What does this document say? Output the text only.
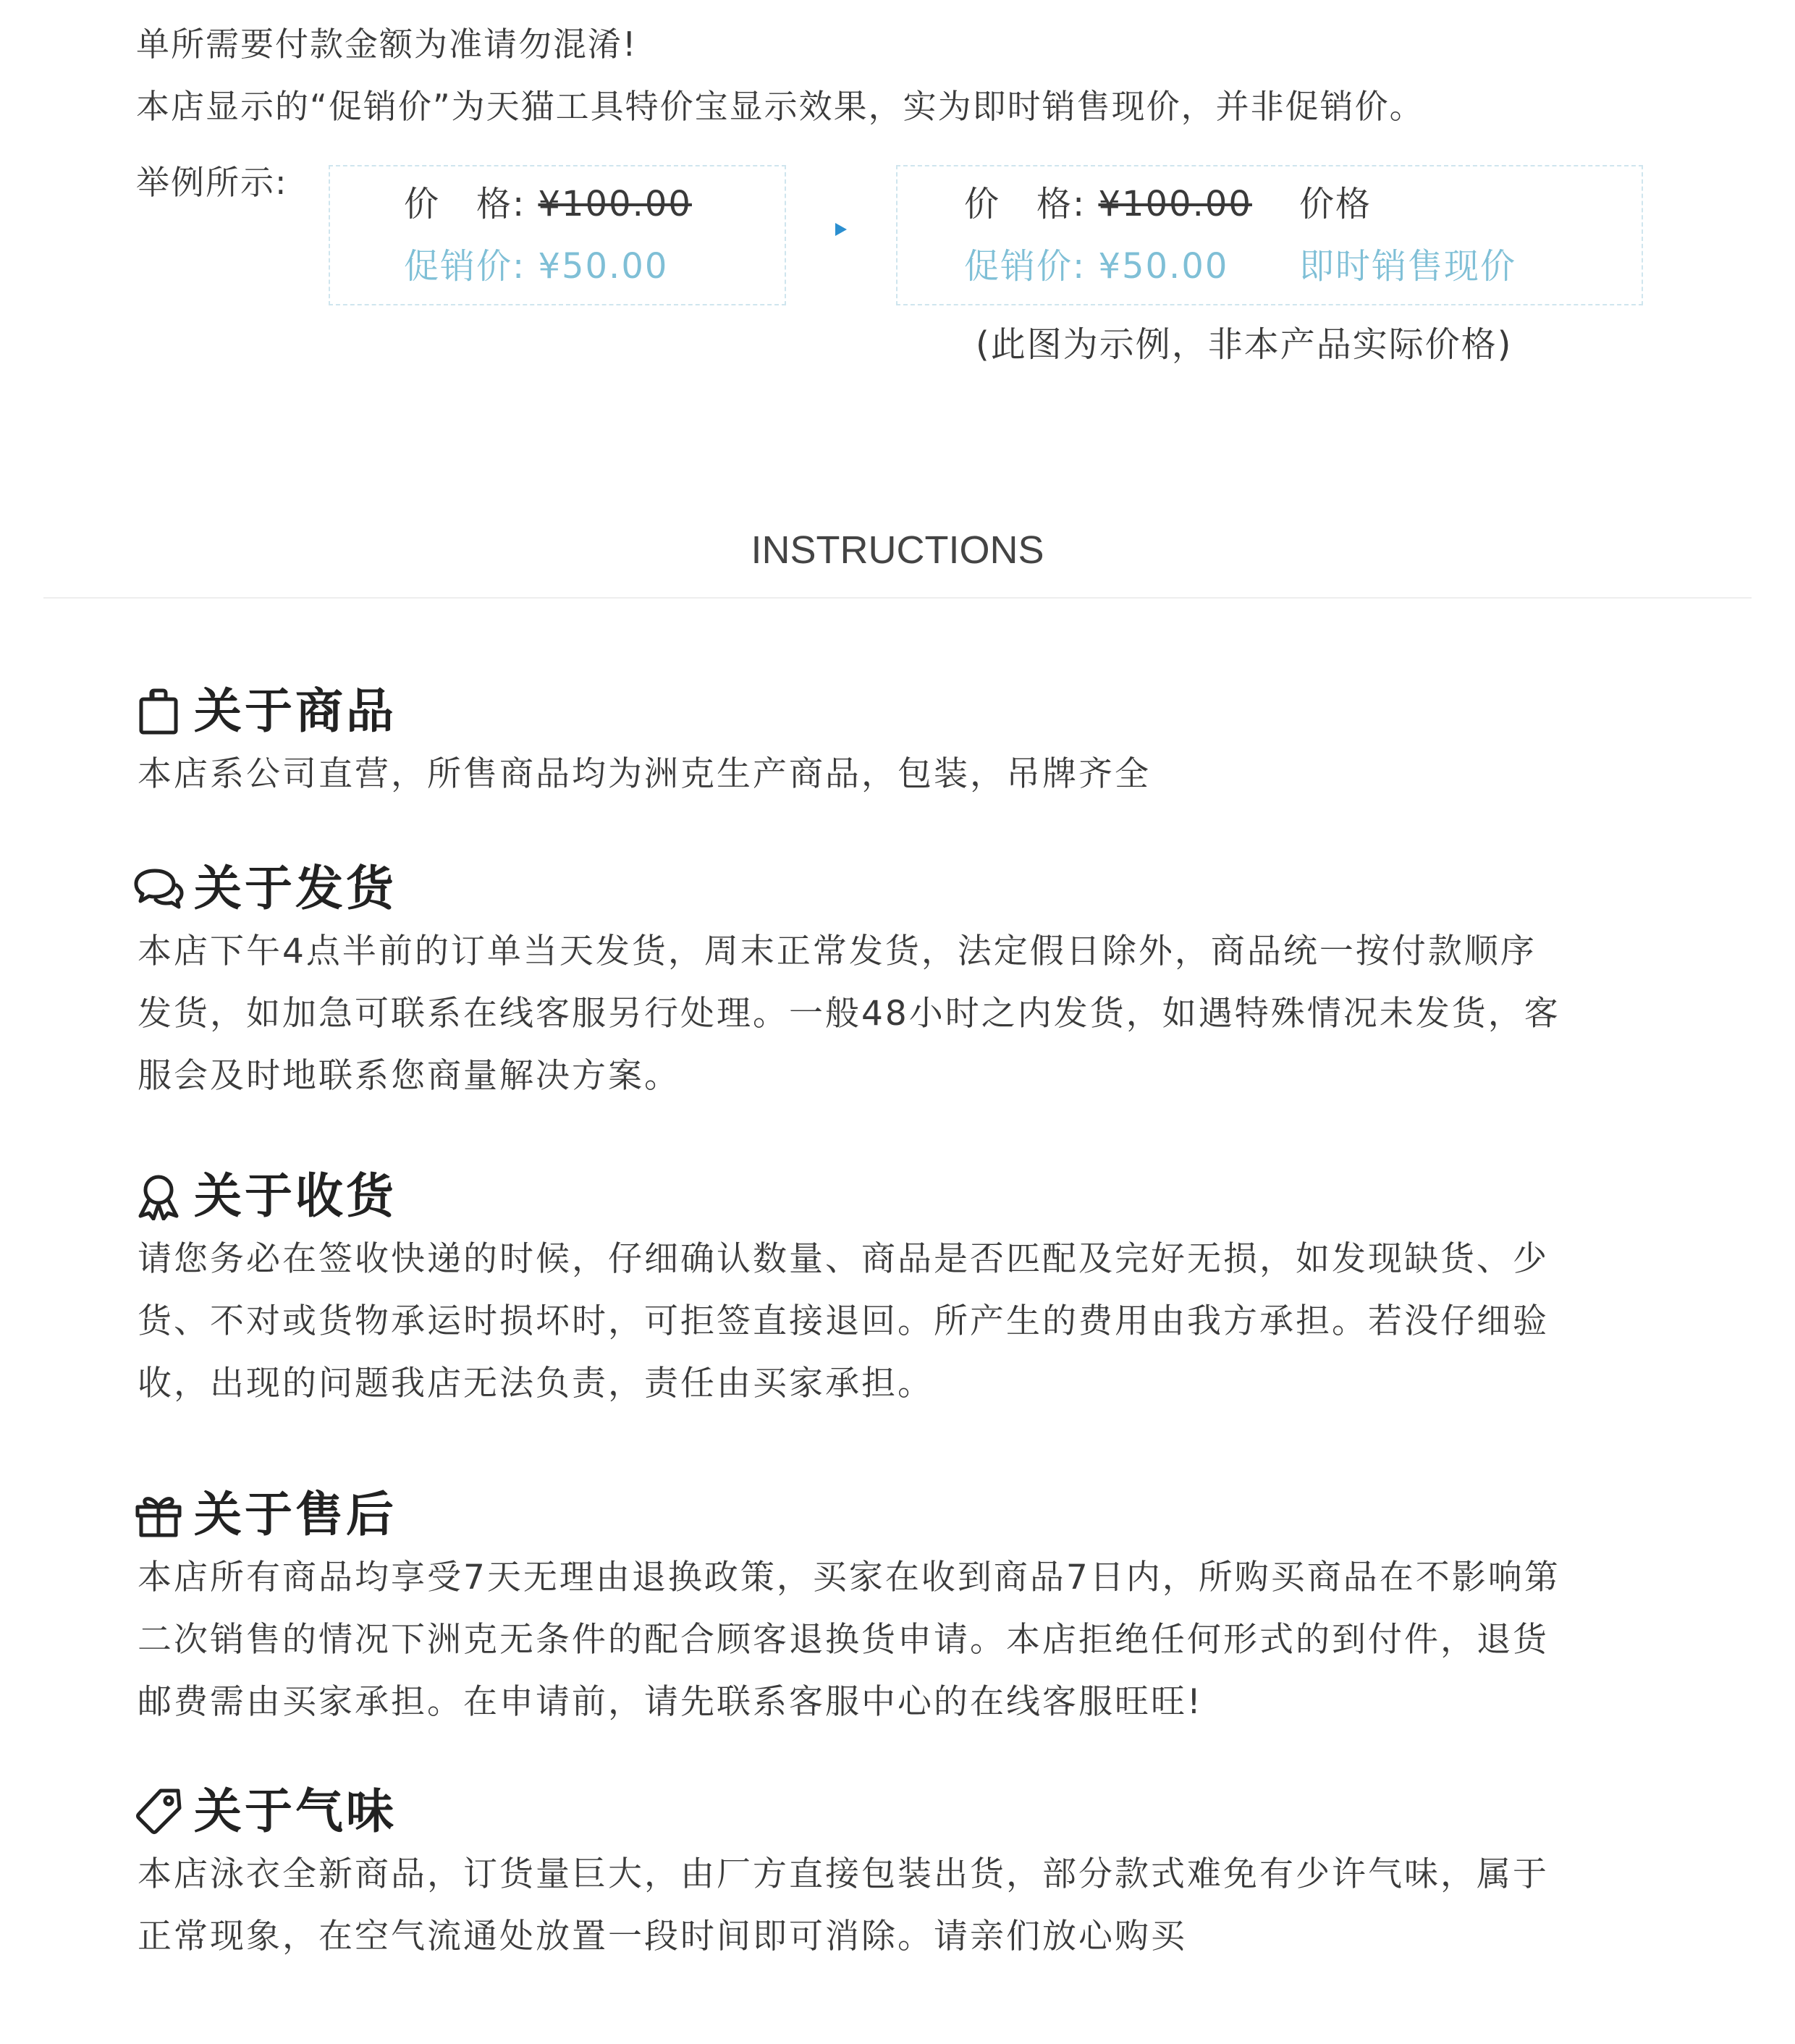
单所需要付款金额为准请勿混淆!
本店显示的“促销价”为天猫工具特价宝显示效果，实为即时销售现价，并非促销价。
举例所示:
价　格: ¥100.00
促销价: ¥50.00
价　格: ¥100.00
促销价: ¥50.00
价格
即时销售现价
(此图为示例，非本产品实际价格)
INSTRUCTIONS
关于商品
本店系公司直营，所售商品均为洲克生产商品，包装，吊牌齐全
关于发货
本店下午4点半前的订单当天发货，周末正常发货，法定假日除外，商品统一按付款顺序
发货，如加急可联系在线客服另行处理。一般48小时之内发货，如遇特殊情况未发货，客
服会及时地联系您商量解决方案。
关于收货
请您务必在签收快递的时候，仔细确认数量、商品是否匹配及完好无损，如发现缺货、少
货、不对或货物承运时损坏时，可拒签直接退回。所产生的费用由我方承担。若没仔细验
收，出现的问题我店无法负责，责任由买家承担。
关于售后
本店所有商品均享受7天无理由退换政策，买家在收到商品7日内，所购买商品在不影响第
二次销售的情况下洲克无条件的配合顾客退换货申请。本店拒绝任何形式的到付件，退货
邮费需由买家承担。在申请前，请先联系客服中心的在线客服旺旺!
关于气味
本店泳衣全新商品，订货量巨大，由厂方直接包装出货，部分款式难免有少许气味，属于
正常现象，在空气流通处放置一段时间即可消除。请亲们放心购买
